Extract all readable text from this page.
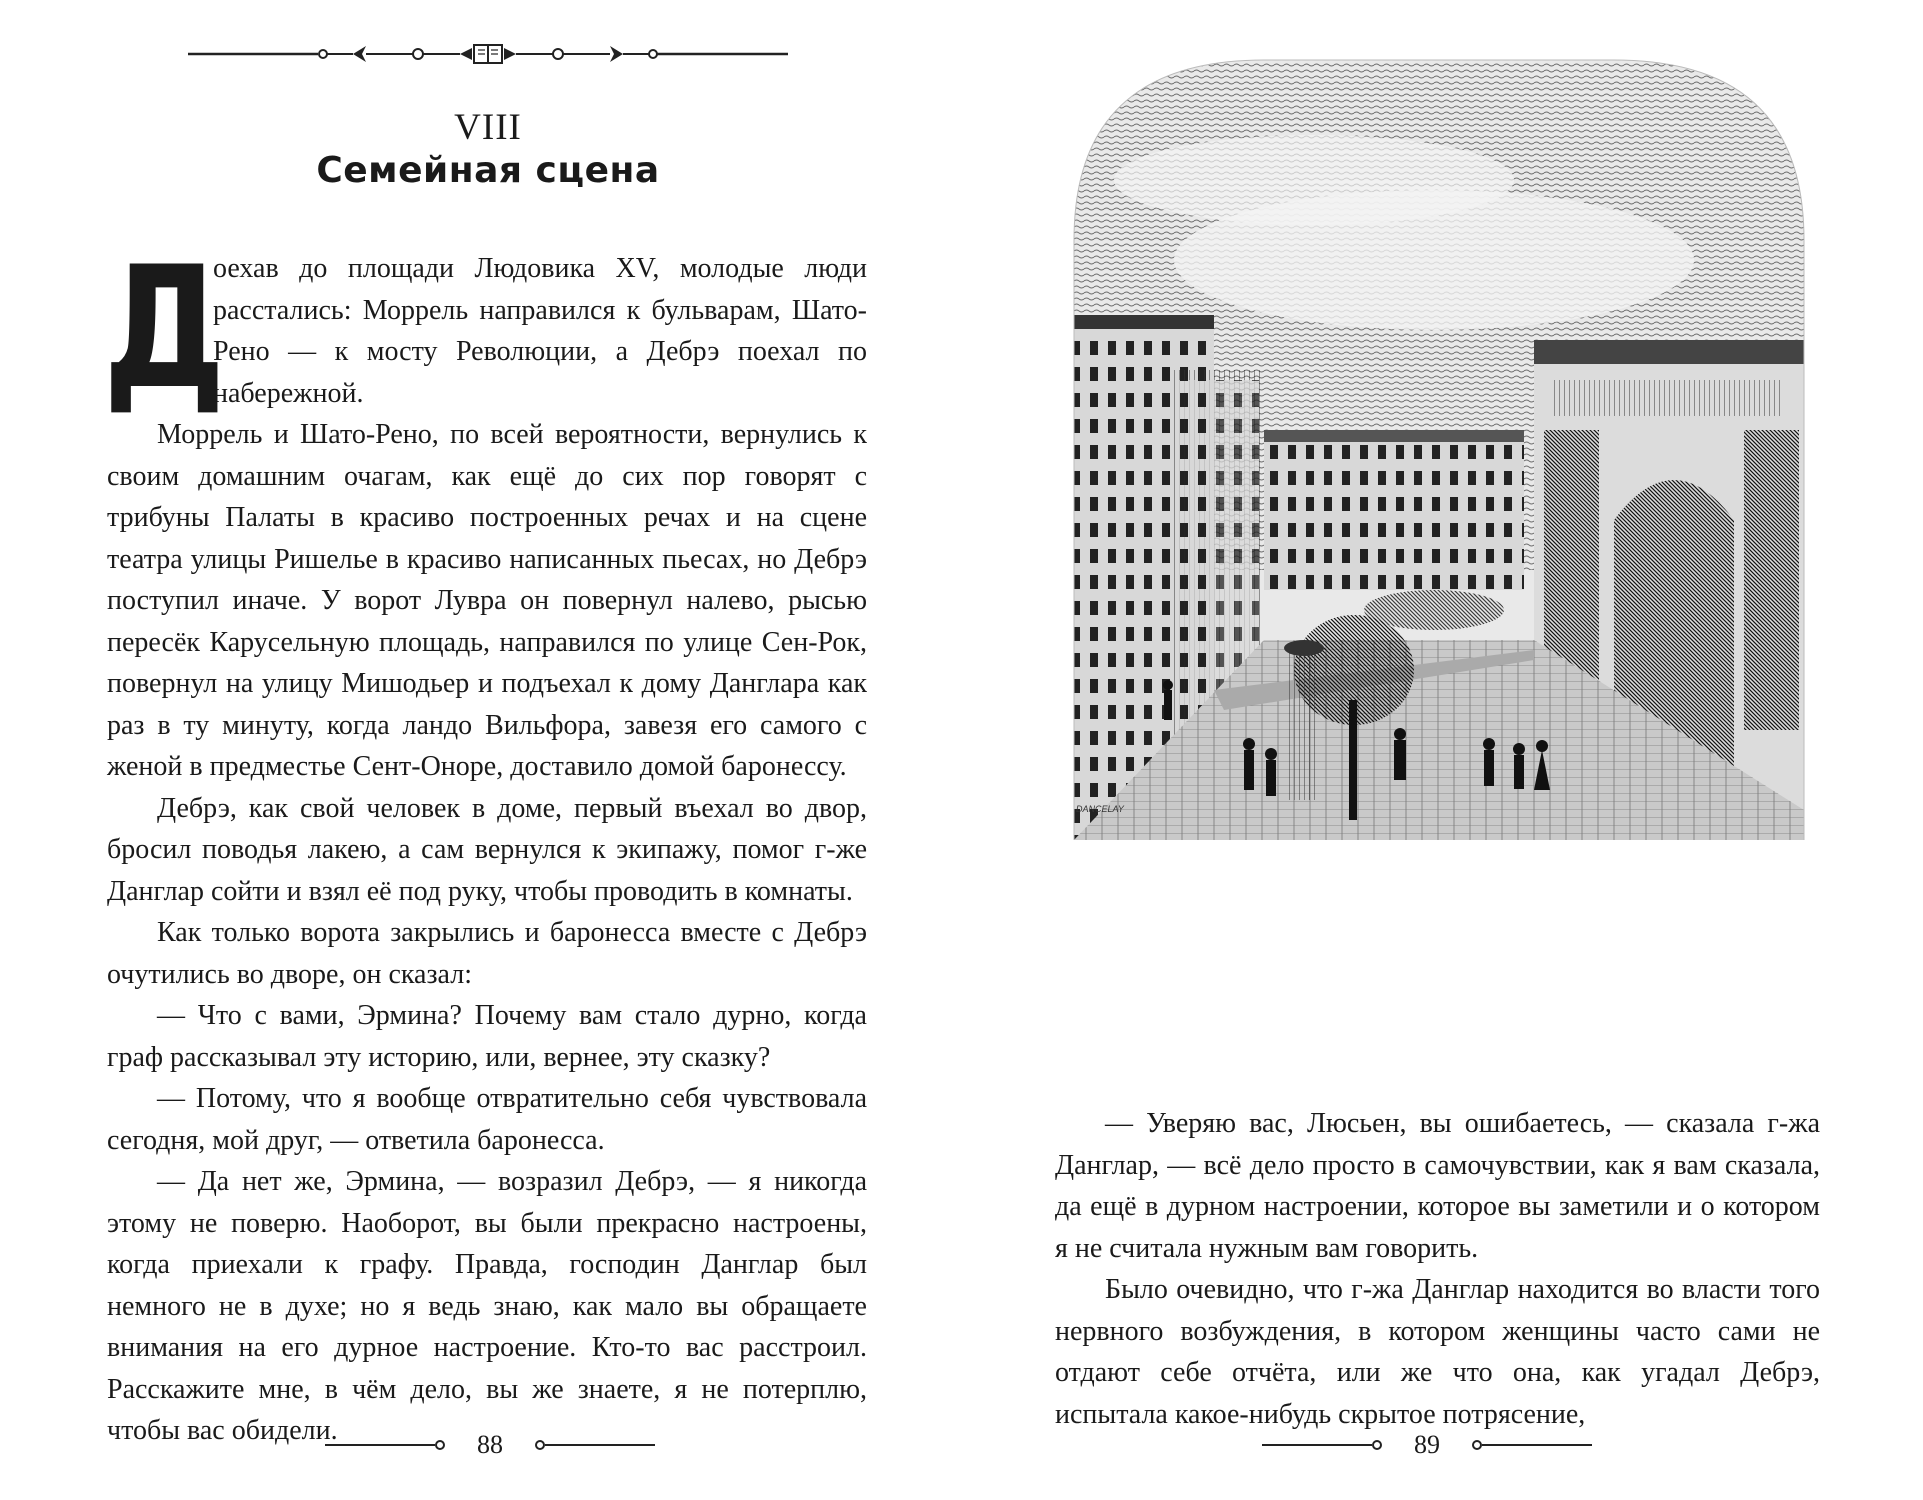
VIII
Семейная сцена

Д
оехав до площади Людовика XV, молодые люди расстались: Моррель направился к бульварам, Шато-Рено — к мосту Революции, а Дебрэ поехал по набережной.

Моррель и Шато-Рено, по всей вероятности, вернулись к своим домашним очагам, как ещё до сих пор говорят с трибуны Палаты в красиво построенных речах и на сцене театра улицы Ришелье в красиво написанных пьесах, но Дебрэ поступил иначе. У ворот Лувра он повернул налево, рысью пересёк Карусельную площадь, направился по улице Сен-Рок, повернул на улицу Мишодьер и подъехал к дому Данглара как раз в ту минуту, когда ландо Вильфора, завезя его самого с женой в предместье Сент-Оноре, доставило домой баронессу.

Дебрэ, как свой человек в доме, первый въехал во двор, бросил поводья лакею, а сам вернулся к экипажу, помог г-же Данглар сойти и взял её под руку, чтобы проводить в комнаты.

Как только ворота закрылись и баронесса вместе с Дебрэ очутились во дворе, он сказал:

— Что с вами, Эрмина? Почему вам стало дурно, когда граф рассказывал эту историю, или, вернее, эту сказку?

— Потому, что я вообще отвратительно себя чувствовала сегодня, мой друг, — ответила баронесса.

— Да нет же, Эрмина, — возразил Дебрэ, — я никогда этому не поверю. Наоборот, вы были прекрасно настроены, когда приехали к графу. Правда, господин Данглар был немного не в духе; но я ведь знаю, как мало вы обращаете внимания на его дурное настроение. Кто-то вас расстроил. Расскажите мне, в чём дело, вы же знаете, я не потерплю, чтобы вас обидели.	88
DANCELAY

— Уверяю вас, Люсьен, вы ошибаетесь, — сказала г-жа Данглар, — всё дело просто в самочувствии, как я вам сказала, да ещё в дурном настроении, которое вы заметили и о котором я не считала нужным вам говорить.

Было очевидно, что г-жа Данглар находится во власти того нервного возбуждения, в котором женщины часто сами не отдают себе отчёта, или же что она, как угадал Дебрэ, испытала какое-нибудь скрытое потрясение,

89
